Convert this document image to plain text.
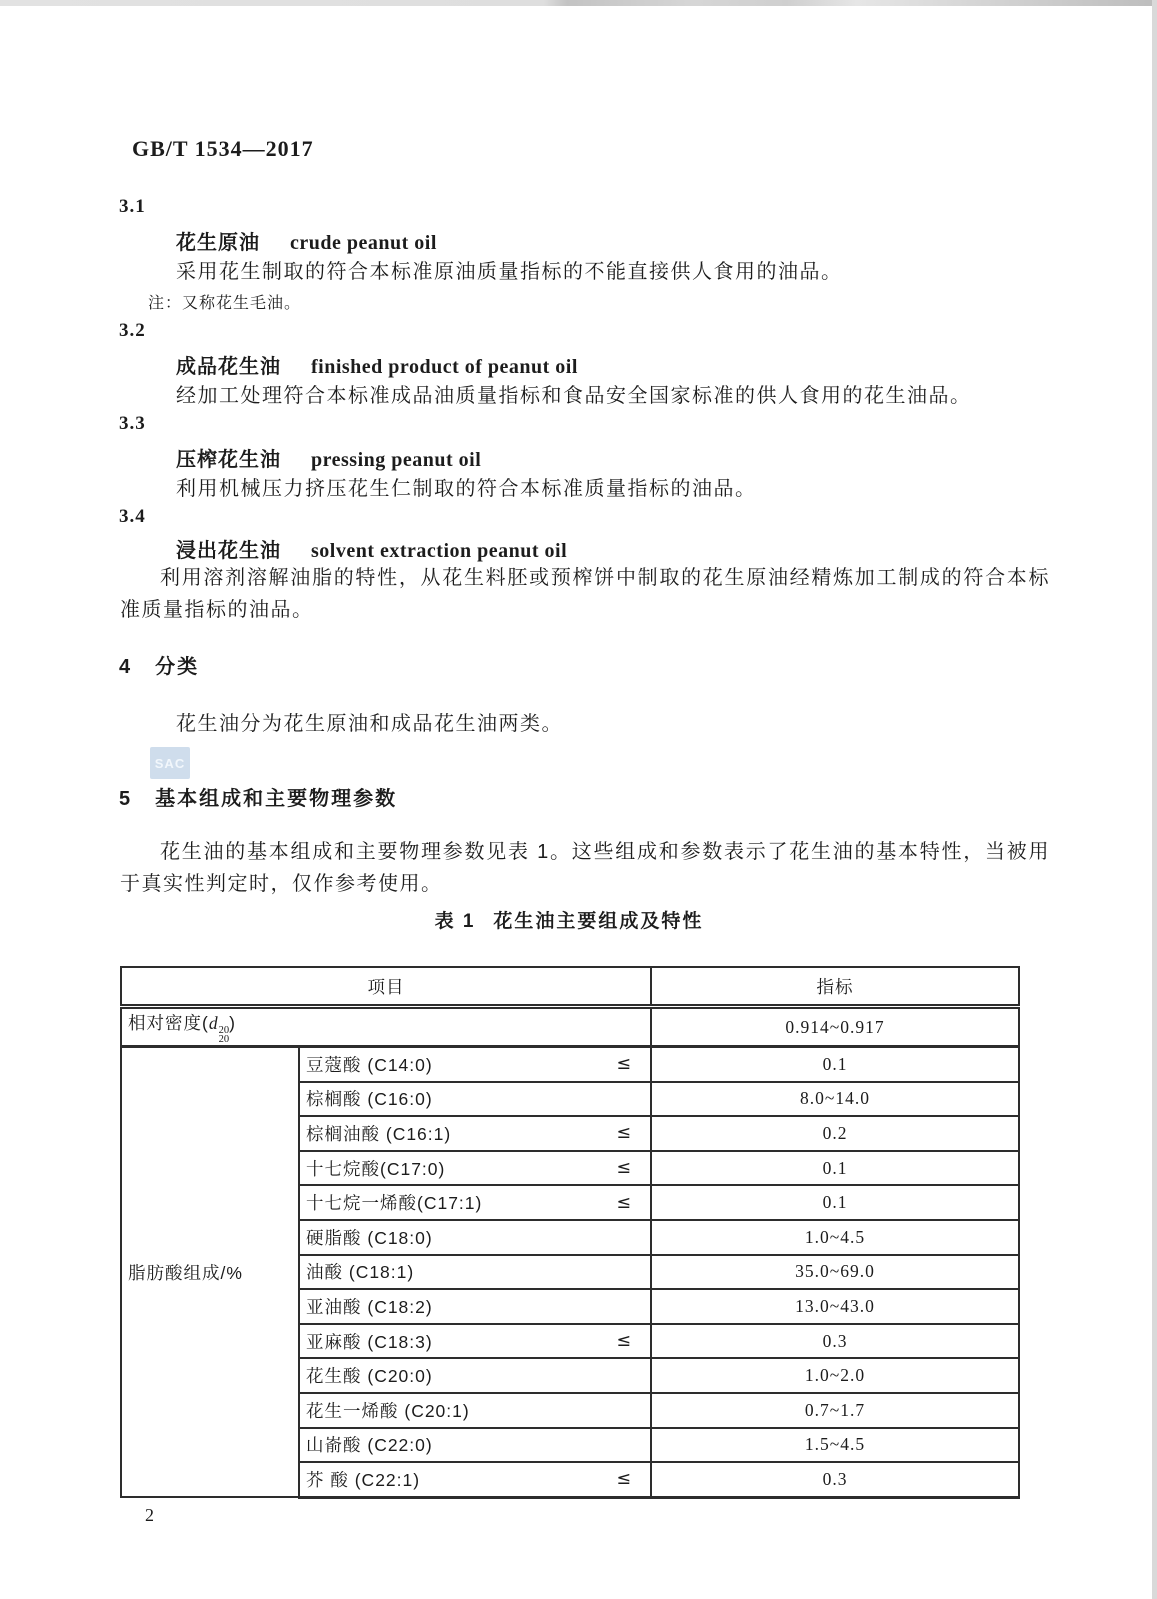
GB/T 1534—2017
3.1
花生原油 crude peanut oil
采用花生制取的符合本标准原油质量指标的不能直接供人食用的油品。
注：又称花生毛油。
3.2
成品花生油 finished product of peanut oil
经加工处理符合本标准成品油质量指标和食品安全国家标准的供人食用的花生油品。
3.3
压榨花生油 pressing peanut oil
利用机械压力挤压花生仁制取的符合本标准质量指标的油品。
3.4
浸出花生油 solvent extraction peanut oil
利用溶剂溶解油脂的特性，从花生料胚或预榨饼中制取的花生原油经精炼加工制成的符合本标准质量指标的油品。
4 分类
花生油分为花生原油和成品花生油两类。
SAC
5 基本组成和主要物理参数
花生油的基本组成和主要物理参数见表 1。这些组成和参数表示了花生油的基本特性，当被用于真实性判定时，仅作参考使用。
表 1 花生油主要组成及特性
项目		指标
相对密度(d 20
20
)		0.914~0.917
脂肪酸组成/%	豆蔻酸 (C14:0) ≤	0.1

	棕榈酸 (C16:0)	8.0~14.0

	棕榈油酸 (C16:1) ≤	0.2

	十七烷酸(C17:0) ≤	0.1

	十七烷一烯酸(C17:1) ≤	0.1

	硬脂酸 (C18:0)	1.0~4.5

	油酸 (C18:1)	35.0~69.0

	亚油酸 (C18:2)	13.0~43.0

	亚麻酸 (C18:3) ≤	0.3

	花生酸 (C20:0)	1.0~2.0

	花生一烯酸 (C20:1)	0.7~1.7

	山嵛酸 (C22:0)	1.5~4.5

	芥 酸 (C22:1) ≤	0.3
2
